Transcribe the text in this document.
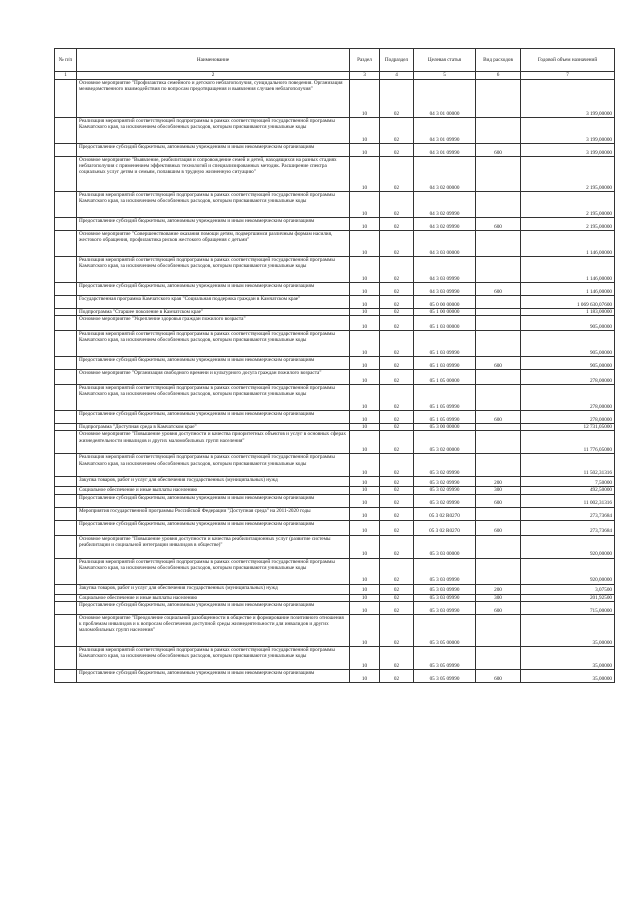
№ п/п	Наименование	Раздел	Подраздел	Целевая статья	Вид расходов	Годовой объем назначений
1	2	3	4	5	6	7
	Основное мероприятие "Профилактика семейного и детского неблагополучия, суицидального поведения. Организация межведомственного взаимодействия по вопросам предотвращения и выявления случаев неблагополучия"	10	02	04 3 01 00000		3 199,00000
	Реализация мероприятий соответствующей подпрограммы в рамках соответствующей государственной программы Камчатского края, за исключением обособленных расходов, которым присваиваются уникальные коды	10	02	04 3 01 09990		3 199,00000
	Предоставление субсидий бюджетным, автономным учреждениям и иным некоммерческим организациям	10	02	04 3 01 09990	600	3 199,00000
	Основное мероприятие "Выявление, реабилитация и сопровождение семей и детей, находящихся на разных стадиях неблагополучия с применением эффективных технологий и специализированных методик. Расширение спектра социальных услуг детям и семьям, попавшим в трудную жизненную ситуацию"	10	02	04 3 02 00000		2 195,00000
	Реализация мероприятий соответствующей подпрограммы в рамках соответствующей государственной программы Камчатского края, за исключением обособленных расходов, которым присваиваются уникальные коды	10	02	04 3 02 09990		2 195,00000
	Предоставление субсидий бюджетным, автономным учреждениям и иным некоммерческим организациям	10	02	04 3 02 09990	600	2 195,00000
	Основное мероприятие "Совершенствование оказания помощи детям, подвергшимся различным формам насилия, жестокого обращения, профилактика рисков жестокого обращения с детьми"	10	02	04 3 03 00000		1 146,00000
	Реализация мероприятий соответствующей подпрограммы в рамках соответствующей государственной программы Камчатского края, за исключением обособленных расходов, которым присваиваются уникальные коды	10	02	04 3 03 09990		1 146,00000
	Предоставление субсидий бюджетным, автономным учреждениям и иным некоммерческим организациям	10	02	04 3 03 09990	600	1 146,00000
	Государственная программа Камчатского края "Социальная поддержка граждан в Камчатском крае"	10	02	05 0 00 00000		1 069 630,07600
	Подпрограмма "Старшее поколение в Камчатском крае"	10	02	05 1 00 00000		1 183,00000
	Основное мероприятие "Укрепление здоровья граждан пожилого возраста"	10	02	05 1 03 00000		905,00000
	Реализация мероприятий соответствующей подпрограммы в рамках соответствующей государственной программы Камчатского края, за исключением обособленных расходов, которым присваиваются уникальные коды	10	02	05 1 03 09990		905,00000
	Предоставление субсидий бюджетным, автономным учреждениям и иным некоммерческим организациям	10	02	05 1 03 09990	600	905,00000
	Основное мероприятие "Организация свободного времени и культурного досуга граждан пожилого возраста"	10	02	05 1 05 00000		278,00000
	Реализация мероприятий соответствующей подпрограммы в рамках соответствующей государственной программы Камчатского края, за исключением обособленных расходов, которым присваиваются уникальные коды	10	02	05 1 05 09990		278,00000
	Предоставление субсидий бюджетным, автономным учреждениям и иным некоммерческим организациям	10	02	05 1 05 09990	600	278,00000
	Подпрограмма "Доступная среда в Камчатском крае"	10	02	05 3 00 00000		12 731,05000
	Основное мероприятие "Повышение уровня доступности и качества приоритетных объектов и услуг в основных сферах жизнедеятельности инвалидов и других маломобильных групп населения"	10	02	05 3 02 00000		11 776,05000
	Реализация мероприятий соответствующей подпрограммы в рамках соответствующей государственной программы Камчатского края, за исключением обособленных расходов, которым присваиваются уникальные коды	10	02	05 3 02 09990		11 502,31316
	Закупка товаров, работ и услуг для обеспечения государственных (муниципальных) нужд	10	02	05 3 02 09990	200	7,50000
	Социальное обеспечение и иные выплаты населению	10	02	05 3 02 09990	300	492,50000
	Предоставление субсидий бюджетным, автономным учреждениям и иным некоммерческим организациям	10	02	05 3 02 09990	600	11 002,31316
	Мероприятия государственной программы Российской Федерации "Доступная среда" на 2011-2020 годы	10	02	05 3 02 R0270		273,73684
	Предоставление субсидий бюджетным, автономным учреждениям и иным некоммерческим организациям	10	02	05 3 02 R0270	600	273,73684
	Основное мероприятие "Повышение уровня доступности и качества реабилитационных услуг (развитие системы реабилитации и социальной интеграции инвалидов в обществе)"	10	02	05 3 03 00000		920,00000
	Реализация мероприятий соответствующей подпрограммы в рамках соответствующей государственной программы Камчатского края, за исключением обособленных расходов, которым присваиваются уникальные коды	10	02	05 3 03 09990		920,00000
	Закупка товаров, работ и услуг для обеспечения государственных (муниципальных) нужд	10	02	05 3 03 09990	200	3,07500
	Социальное обеспечение и иные выплаты населению	10	02	05 3 03 09990	300	201,92500
	Предоставление субсидий бюджетным, автономным учреждениям и иным некоммерческим организациям	10	02	05 3 03 09990	600	715,00000
	Основное мероприятие "Преодоление социальной разобщенности в обществе и формирование позитивного отношения к проблемам инвалидов и к вопросам обеспечения доступной среды жизнедеятельности для инвалидов и других маломобильных групп населения"	10	02	05 3 05 00000		35,00000
	Реализация мероприятий соответствующей подпрограммы в рамках соответствующей государственной программы Камчатского края, за исключением обособленных расходов, которым присваиваются уникальные коды	10	02	05 3 05 09990		35,00000
	Предоставление субсидий бюджетным, автономным учреждениям и иным некоммерческим организациям	10	02	05 3 05 09990	600	35,00000
